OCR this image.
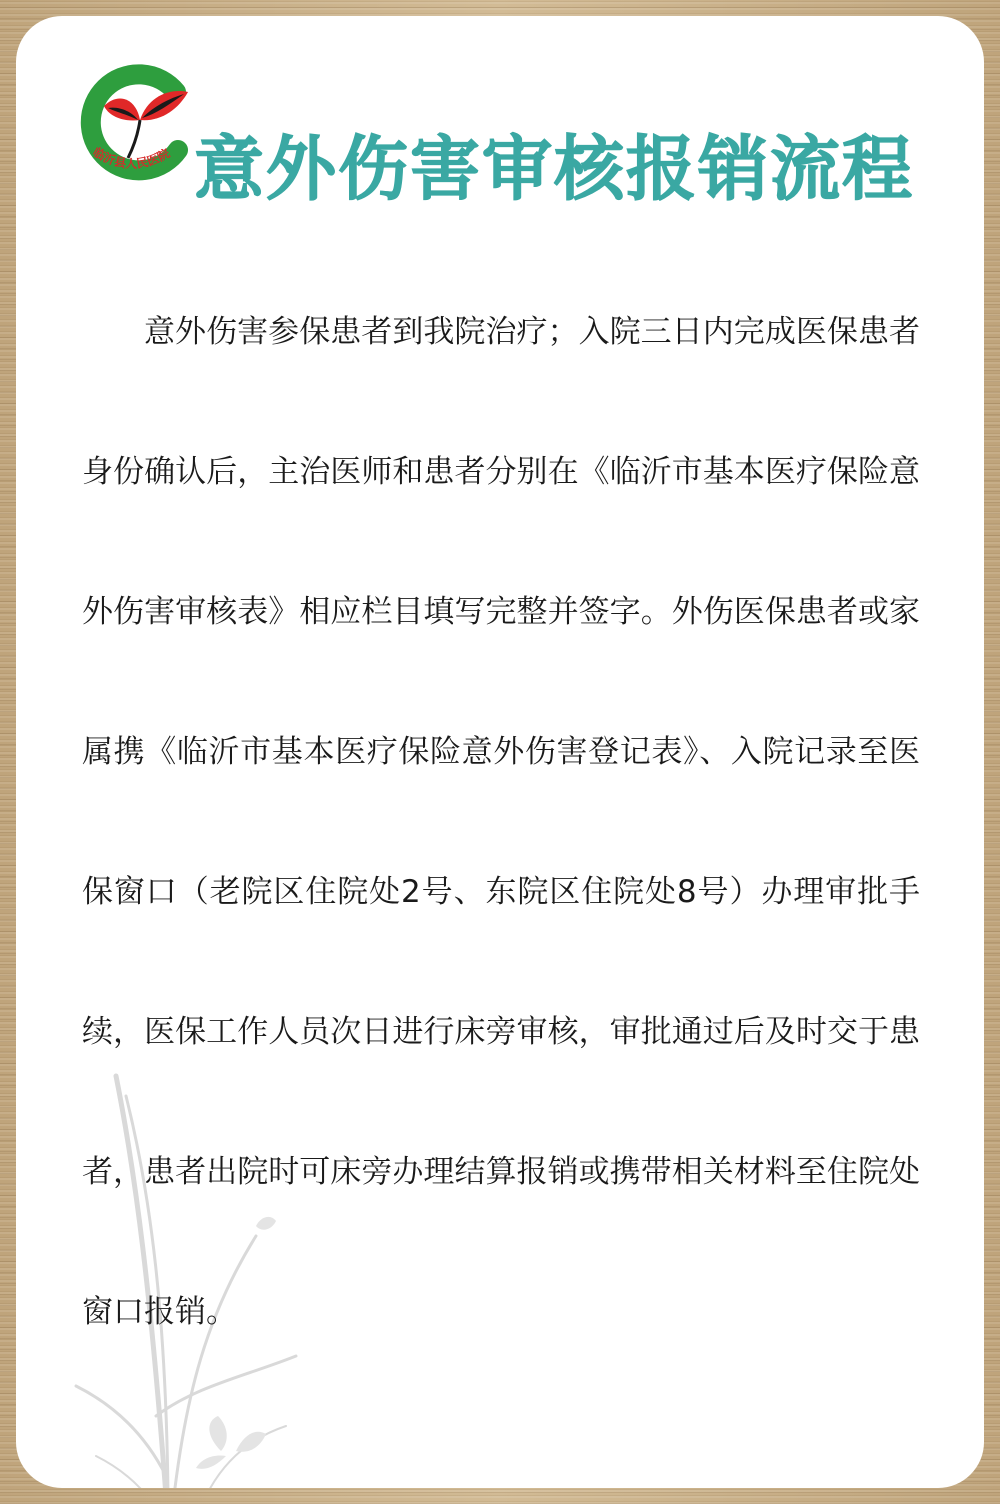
临沂县人民医院 意外伤害审核报销流程

意外伤害参保患者到我院治疗；入院三日内完成医保患者身份确认后，主治医师和患者分别在《临沂市基本医疗保险意外伤害审核表》相应栏目填写完整并签字。外伤医保患者或家属携《临沂市基本医疗保险意外伤害登记表》、入院记录至医保窗口（老院区住院处2号、东院区住院处8号）办理审批手续，医保工作人员次日进行床旁审核，审批通过后及时交于患者，患者出院时可床旁办理结算报销或携带相关材料至住院处窗口报销。
